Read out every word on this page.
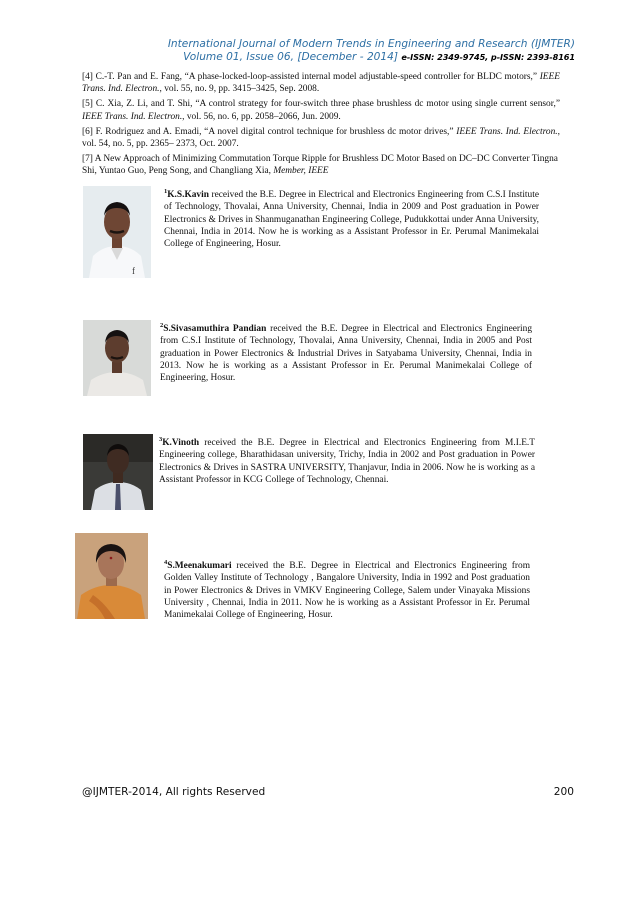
International Journal of Modern Trends in Engineering and Research (IJMTER)
Volume 01, Issue 06, [December - 2014] e-ISSN: 2349-9745, p-ISSN: 2393-8161

[4] C.-T. Pan and E. Fang, “A phase-locked-loop-assisted internal model adjustable-speed controller for BLDC motors,” IEEE Trans. Ind. Electron., vol. 55, no. 9, pp. 3415–3425, Sep. 2008.

[5] C. Xia, Z. Li, and T. Shi, “A control strategy for four-switch three phase brushless dc motor using single current sensor,” IEEE Trans. Ind. Electron., vol. 56, no. 6, pp. 2058–2066, Jun. 2009.

[6] F. Rodriguez and A. Emadi, “A novel digital control technique for brushless dc motor drives,” IEEE Trans. Ind. Electron., vol. 54, no. 5, pp. 2365– 2373, Oct. 2007.

[7] A New Approach of Minimizing Commutation Torque Ripple for Brushless DC Motor Based on DC–DC Converter Tingna Shi, Yuntao Guo, Peng Song, and Changliang Xia, Member, IEEE

f
$^1$K.S.Kavin received the B.E. Degree in Electrical and Electronics Engineering from C.S.I Institute of Technology, Thovalai, Anna University, Chennai, India in 2009 and Post graduation in Power Electronics & Drives in Shanmuganathan Engineering College, Pudukkottai under Anna University, Chennai, India in 2014. Now he is working as a Assistant Professor in Er. Perumal Manimekalai College of Engineering, Hosur.
$^2$S.Sivasamuthira Pandian received the B.E. Degree in Electrical and Electronics Engineering from C.S.I Institute of Technology, Thovalai, Anna University, Chennai, India in 2005 and Post graduation in Power Electronics & Industrial Drives in Satyabama University, Chennai, India in 2013. Now he is working as a Assistant Professor in Er. Perumal Manimekalai College of Engineering, Hosur.
$^3$K.Vinoth received the B.E. Degree in Electrical and Electronics Engineering from M.I.E.T Engineering college, Bharathidasan university, Trichy, India in 2002 and Post graduation in Power Electronics & Drives in SASTRA UNIVERSITY, Thanjavur, India in 2006. Now he is working as a Assistant Professor in KCG College of Technology, Chennai.
$^4$S.Meenakumari received the B.E. Degree in Electrical and Electronics Engineering from Golden Valley Institute of Technology , Bangalore University, India in 1992 and Post graduation in Power Electronics & Drives in VMKV Engineering College, Salem under Vinayaka Missions University , Chennai, India in 2011. Now he is working as a Assistant Professor in Er. Perumal Manimekalai College of Engineering, Hosur.
@IJMTER-2014, All rights Reserved	200
